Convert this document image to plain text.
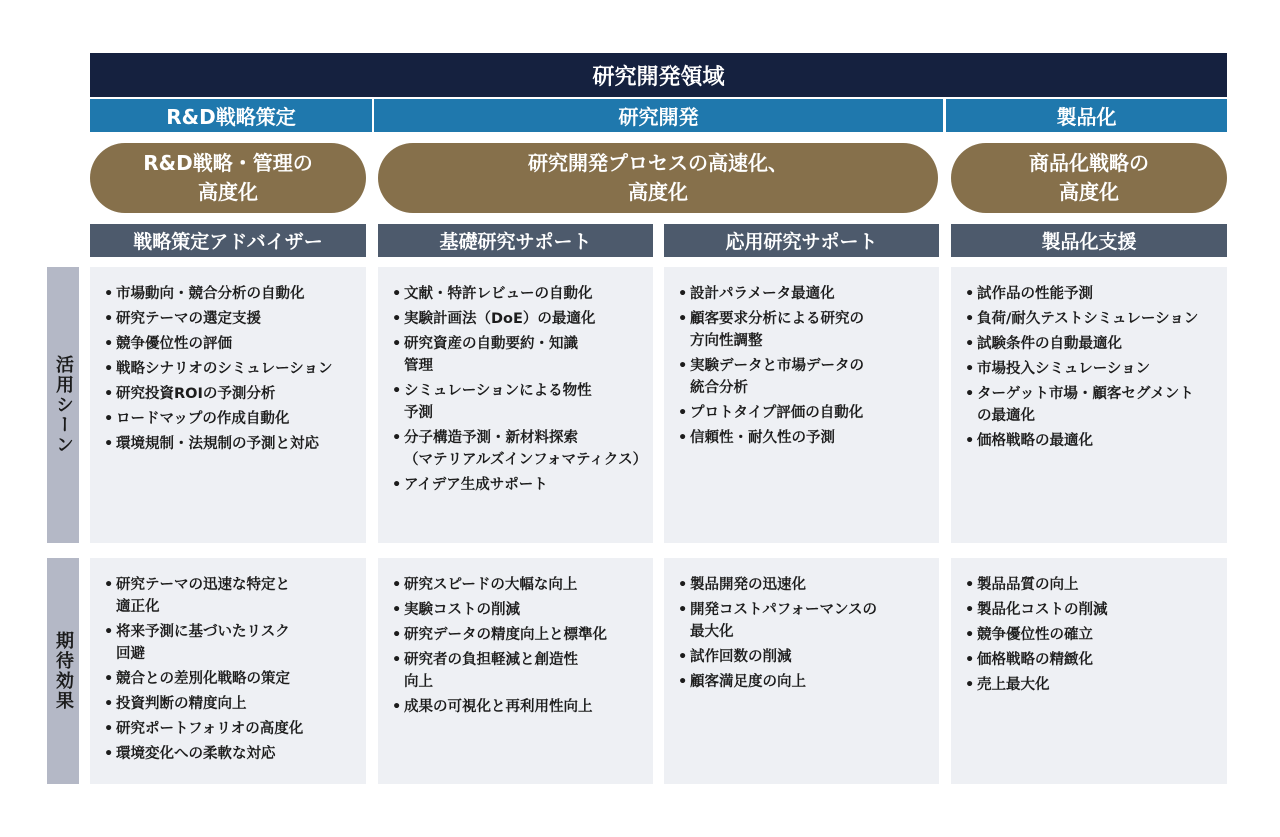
研究開発領域
R&D戦略策定	研究開発	製品化
R&D戦略・管理の
高度化
研究開発プロセスの高速化、
高度化
商品化戦略の
高度化
戦略策定アドバイザー	基礎研究サポート	応用研究サポート	製品化支援
活用シーン
• 市場動向・競合分析の自動化
• 研究テーマの選定支援
• 競争優位性の評価
• 戦略シナリオのシミュレーション
• 研究投資ROIの予測分析
• ロードマップの作成自動化
• 環境規制・法規制の予測と対応
• 文献・特許レビューの自動化
• 実験計画法（DoE）の最適化
• 研究資産の自動要約・知識
管理
• シミュレーションによる物性
予測
• 分子構造予測・新材料探索
（マテリアルズインフォマティクス）
• アイデア生成サポート
• 設計パラメータ最適化
• 顧客要求分析による研究の
方向性調整
• 実験データと市場データの
統合分析
• プロトタイプ評価の自動化
• 信頼性・耐久性の予測
• 試作品の性能予測
• 負荷/耐久テストシミュレーション
• 試験条件の自動最適化
• 市場投入シミュレーション
• ターゲット市場・顧客セグメント
の最適化
• 価格戦略の最適化
期待効果
• 研究テーマの迅速な特定と
適正化
• 将来予測に基づいたリスク
回避
• 競合との差別化戦略の策定
• 投資判断の精度向上
• 研究ポートフォリオの高度化
• 環境変化への柔軟な対応
• 研究スピードの大幅な向上
• 実験コストの削減
• 研究データの精度向上と標準化
• 研究者の負担軽減と創造性
向上
• 成果の可視化と再利用性向上
• 製品開発の迅速化
• 開発コストパフォーマンスの
最大化
• 試作回数の削減
• 顧客満足度の向上
• 製品品質の向上
• 製品化コストの削減
• 競争優位性の確立
• 価格戦略の精緻化
• 売上最大化
